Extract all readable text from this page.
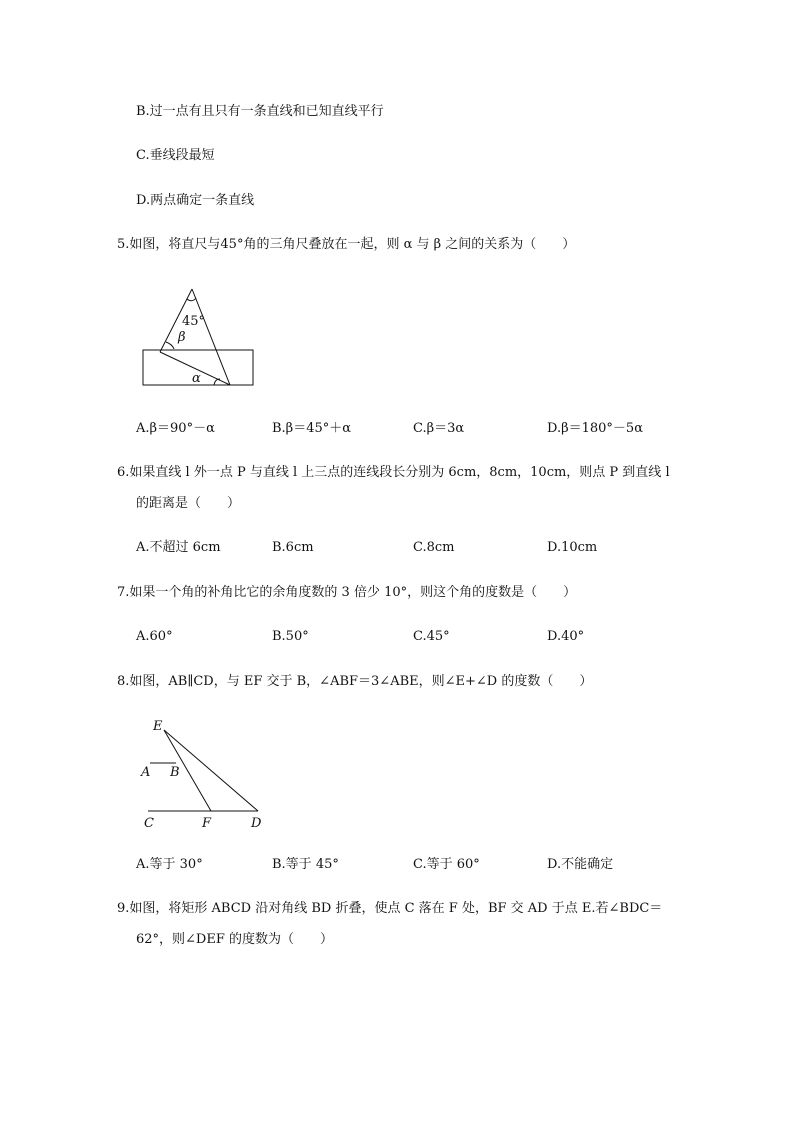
B.过一点有且只有一条直线和已知直线平行
C.垂线段最短
D.两点确定一条直线
5.如图，将直尺与45°角的三角尺叠放在一起，则 α 与 β 之间的关系为（　　）
45°
β
α
A.β＝90°－α	B.β＝45°＋α	C.β＝3α	D.β＝180°－5α
6.如果直线 l 外一点 P 与直线 l 上三点的连线段长分别为 6cm，8cm，10cm，则点 P 到直线 l
的距离是（　　）
A.不超过 6cm	B.6cm	C.8cm	D.10cm
7.如果一个角的补角比它的余角度数的 3 倍少 10°，则这个角的度数是（　　）
A.60°	B.50°	C.45°	D.40°
8.如图，AB∥CD，与 EF 交于 B，∠ABF＝3∠ABE，则∠E+∠D 的度数（　　）
E
A B
C	F	D
A.等于 30°	B.等于 45°	C.等于 60°	D.不能确定
9.如图，将矩形 ABCD 沿对角线 BD 折叠，使点 C 落在 F 处，BF 交 AD 于点 E.若∠BDC＝
62°，则∠DEF 的度数为（　　）
